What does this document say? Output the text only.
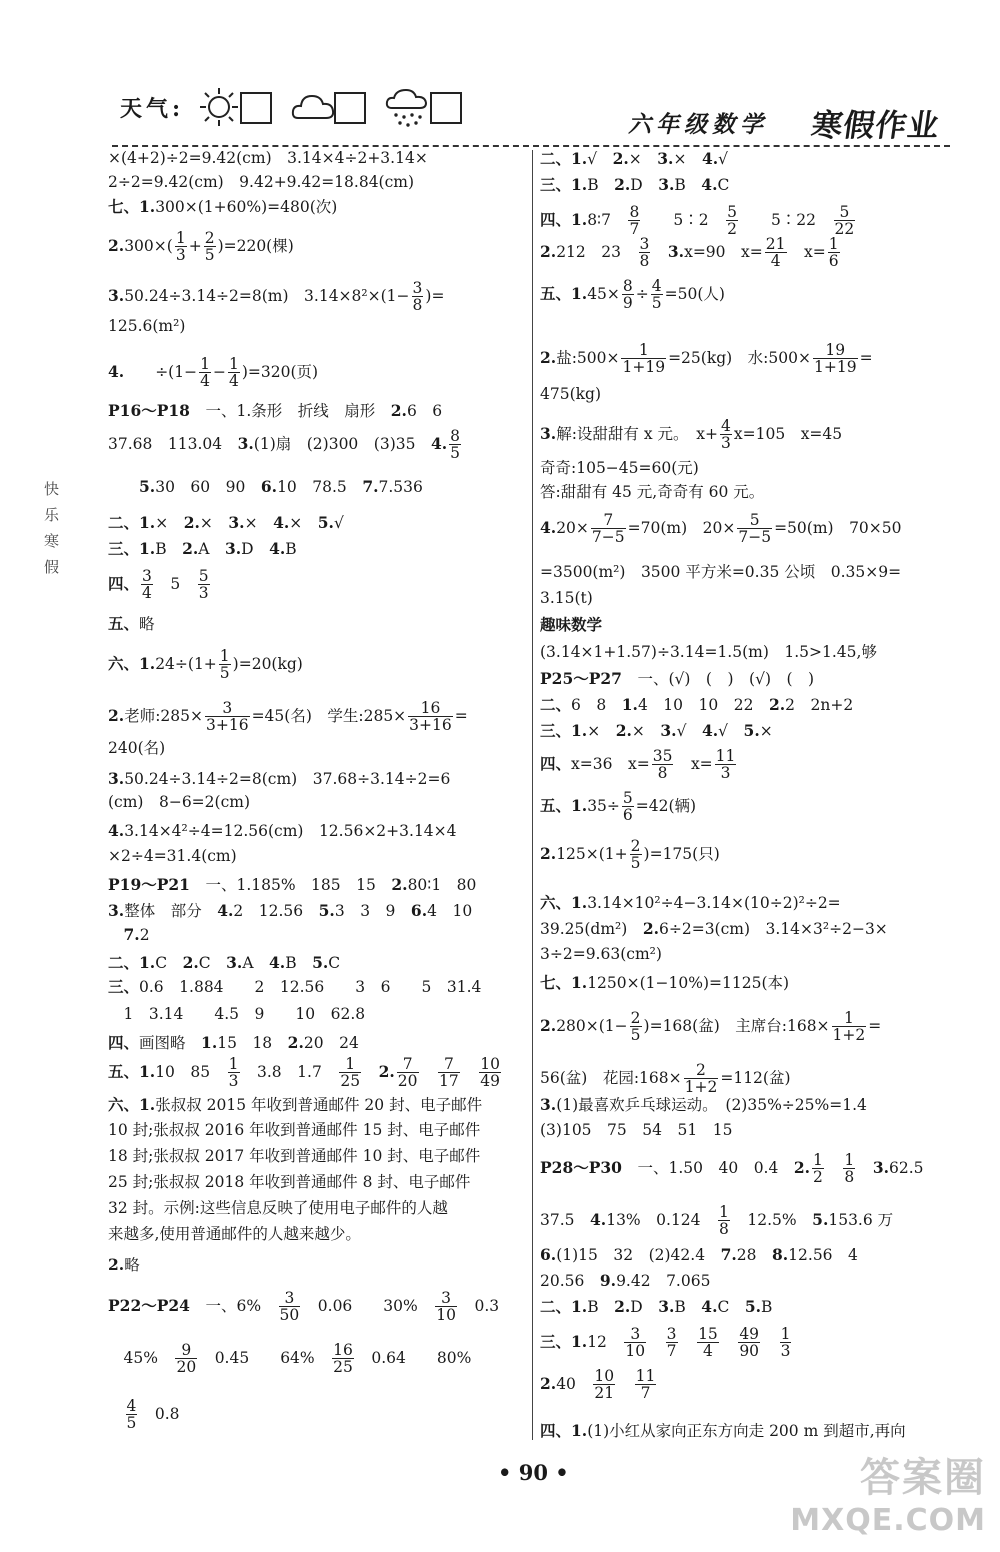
天气:
六年级数学 寒假作业
快
乐
寒
假
×(4+2)÷2=9.42(cm)　3.14×4÷2+3.14×
2÷2=9.42(cm)　9.42+9.42=18.84(cm)
七、1.300×(1+60%)=480(次)
$2.300\times( \frac{1}{3} + \frac{2}{5} )=220$(棵)
3.50.24÷3.14÷2=8(m)　$3.14\times 8^2\times(1- \frac{3}{8}$ )=
125.6(m²)
4.　　$\div(1- \frac{1}{4} - \frac{1}{4} )=320$(页)
P16～P18　一、1.条形　折线　扇形　2.6　6
37.68　113.04　3.(1)扇　(2)300　(3)35　4. $\frac{8}{5}$
　　5.30　60　90　6.10　78.5　7.7.536
二、1.×　2.×　3.×　4.×　5.√
三、1.B　2.A　3.D　4.B
四、 $\frac{3}{4}$ 　5　 $\frac{5}{3}$
五、略
六、$1.24\div(1+ \frac{1}{5} )=20(kg)$
2.老师:285× $\frac{3}{3+16} =45$(名)　学生:285× $\frac{16}{3+16}$ =
240(名)
3.50.24÷3.14÷2=8(cm)　37.68÷3.14÷2=6
(cm)　8−6=2(cm)
4.3.14×4²÷4=12.56(cm)　12.56×2+3.14×4
×2÷4=31.4(cm)
P19～P21　一、1.185%　185　15　2.80∶1　80
3.整体　部分　4.2　12.56　5.3　3　9　6.4　10
　7.2
二、1.C　2.C　3.A　4.B　5.C
三、0.6　1.884　　2　12.56　　3　6　　5　31.4
　1　3.14　　4.5　9　　10　62.8
四、画图略　1.15　18　2.20　24
五、1.10　85　 $\frac{1}{3}$ 　3.8　1.7　 $\frac{1}{25}$
　 2. $\frac{7}{20}$
　 $\frac{7}{17}$
　 $\frac{10}{49}$
六、1.张叔叔 2015 年收到普通邮件 20 封、电子邮件
10 封;张叔叔 2016 年收到普通邮件 15 封、电子邮件
18 封;张叔叔 2017 年收到普通邮件 10 封、电子邮件
25 封;张叔叔 2018 年收到普通邮件 8 封、电子邮件
32 封。示例:这些信息反映了使用电子邮件的人越
来越多,使用普通邮件的人越来越少。
2.略
P22～P24　一、6%　 $\frac{3}{50}$ 　0.06　　30%　 $\frac{3}{10}$ 　0.3
　45%　 $\frac{9}{20}$ 　0.45　　64%　 $\frac{16}{25}$ 　0.64　　80%

$\frac{4}{5}$ 　0.8
二、1.√　2.×　3.×　4.√
三、1.B　2.D　3.B　4.C
四、1.8∶7　 $\frac{8}{7}$ 　　5∶2　 $\frac{5}{2}$ 　　5∶22　 $\frac{5}{22}$
2.212　23　 $\frac{3}{8}$
　 3.x=90　$x= \frac{21}{4}$ 　$x= \frac{1}{6}$
五、$1.45\times \frac{8}{9} \div \frac{4}{5} =50$(人)
2.盐:500× $\frac{1}{1+19} =25(kg)$　水:500× $\frac{19}{1+19}$ =
475(kg)
3.解:设甜甜有 x 元。　$x+ \frac{4}{3} x=105$　x=45
奇奇:105−45=60(元)
答:甜甜有 45 元,奇奇有 60 元。
$4.20\times \frac{7}{7-5} =70(m)$　$20\times \frac{5}{7-5} =50(m)$　70×50
=3500(m²)　3500 平方米=0.35 公顷　0.35×9=
3.15(t)
趣味数学
(3.14×1+1.57)÷3.14=1.5(m)　1.5>1.45,够
P25～P27　一、(√)　(　)　(√)　(　)
二、6　8　1.4　10　10　22　2.2　2n+2
三、1.×　2.×　3.√　4.√　5.×
四、x=36　$x= \frac{35}{8}$ 　$x= \frac{11}{3}$
五、$1.35\div \frac{5}{6} =42$(辆)
$2.125\times(1+ \frac{2}{5} )=175$(只)
六、1.3.14×10²÷4−3.14×(10÷2)²÷2=
39.25(dm²)　2.6÷2=3(cm)　3.14×3²÷2−3×
3÷2=9.63(cm²)
七、1.1250×(1−10%)=1125(本)
$2.280\times(1- \frac{2}{5} )=168$(盆)　主席台:168× $\frac{1}{1+2}$ =
56(盆)　花园:168× $\frac{2}{1+2} =112$(盆)
3.(1)最喜欢乒乓球运动。　(2)35%÷25%=1.4
(3)105　75　54　51　15
P28～P30　一、1.50　40　0.4　2. $\frac{1}{2}$
　 $\frac{1}{8}$
　 3.62.5
37.5　4.13%　0.124　 $\frac{1}{8}$ 　12.5%　5.153.6 万
6.(1)15　32　(2)42.4　7.28　8.12.56　4
20.56　9.9.42　7.065
二、1.B　2.D　3.B　4.C　5.B
三、1.12　 $\frac{3}{10}$
　 $\frac{3}{7}$
　 $\frac{15}{4}$
　 $\frac{49}{90}$
　 $\frac{1}{3}$
2.40　 $\frac{10}{21}$
　 $\frac{11}{7}$
四、1.(1)小红从家向正东方向走 200 m 到超市,再向
• 90 •	答案圈
MXQE.COM
